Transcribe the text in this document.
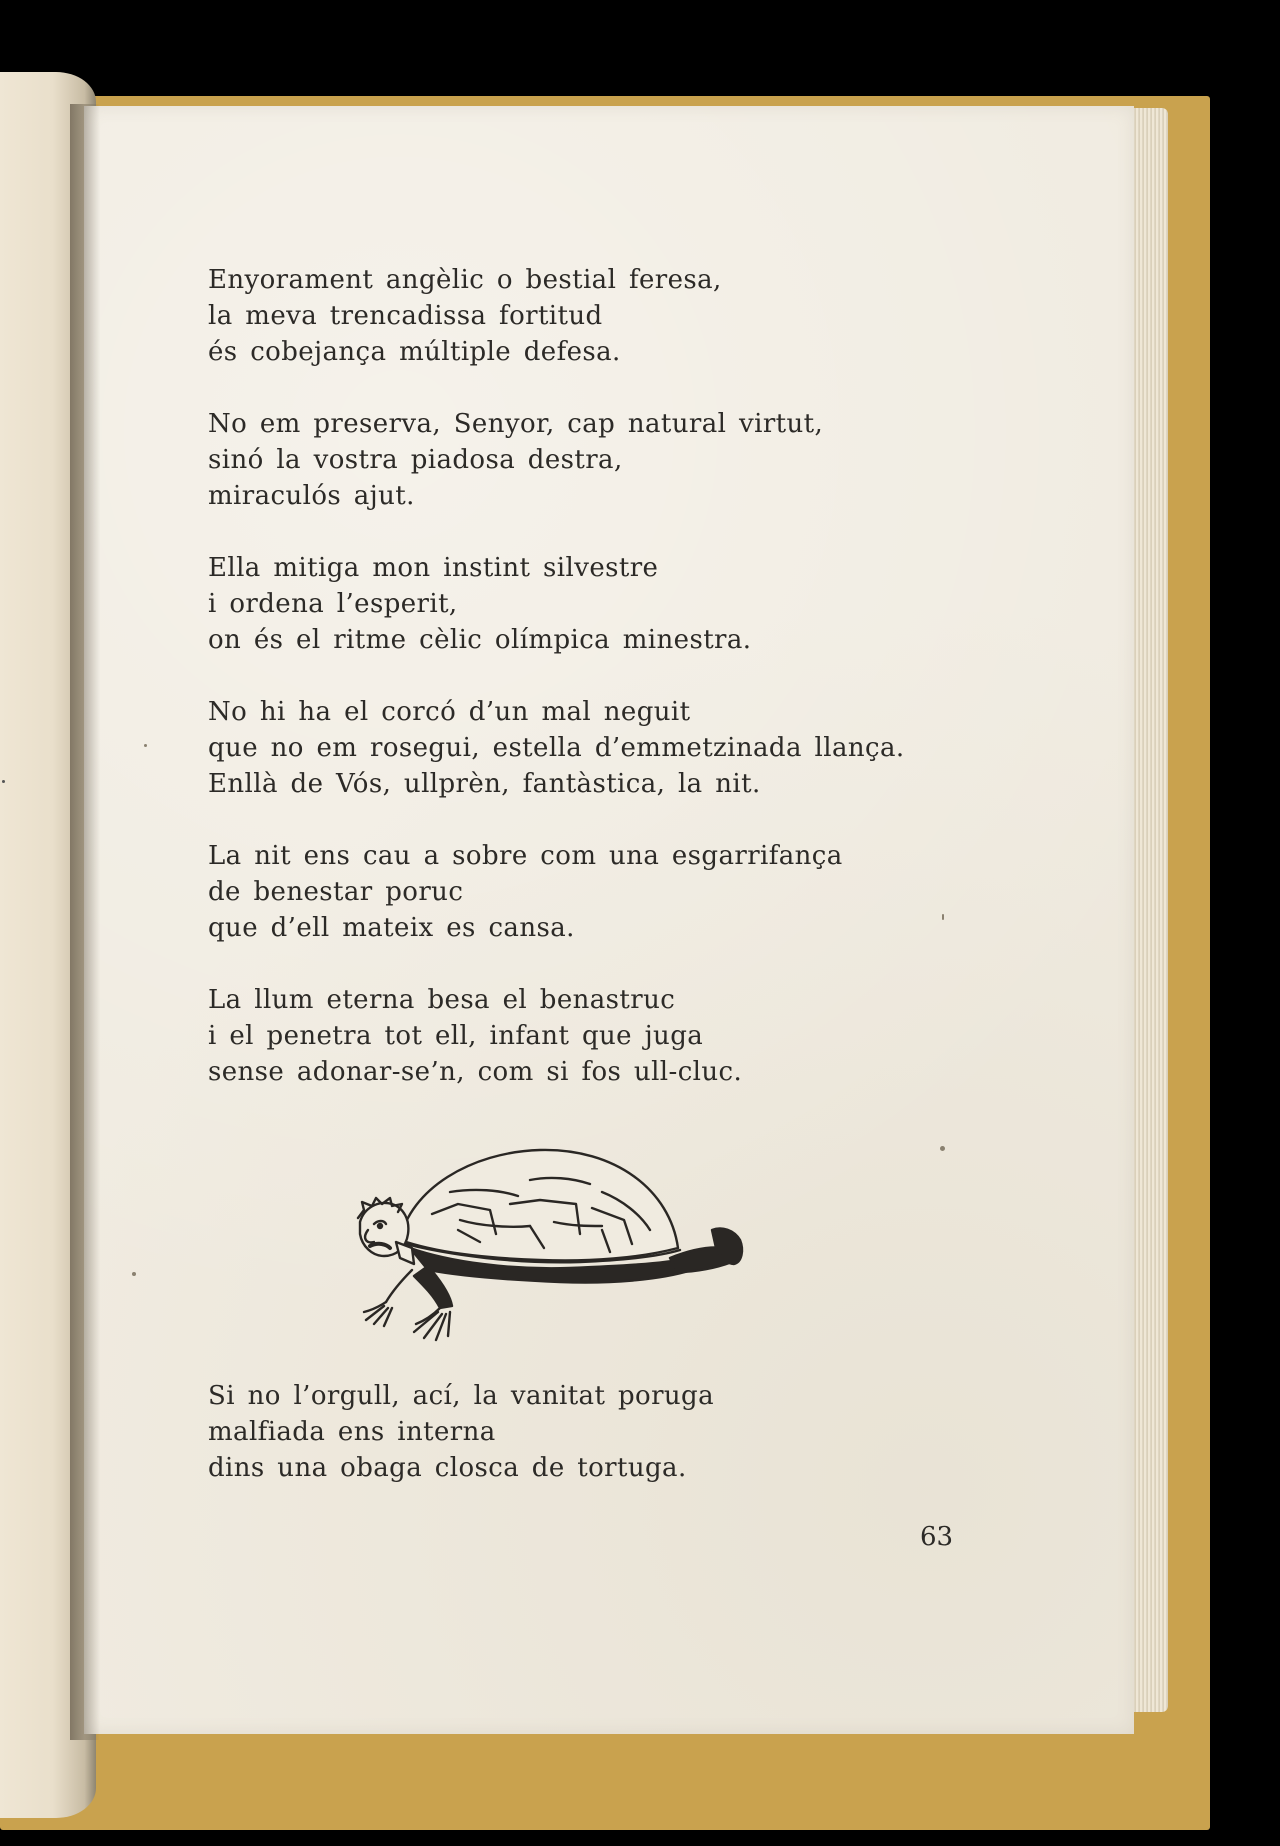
Enyorament angèlic o bestial feresa,
la meva trencadissa fortitud
és cobejança múltiple defesa.
No em preserva, Senyor, cap natural virtut,
sinó la vostra piadosa destra,
miraculós ajut.
Ella mitiga mon instint silvestre
i ordena l’esperit,
on és el ritme cèlic olímpica minestra.
No hi ha el corcó d’un mal neguit
que no em rosegui, estella d’emmetzinada llança.
Enllà de Vós, ullprèn, fantàstica, la nit.
La nit ens cau a sobre com una esgarrifança
de benestar poruc
que d’ell mateix es cansa.
La llum eterna besa el benastruc
i el penetra tot ell, infant que juga
sense adonar-se’n, com si fos ull-cluc.
Si no l’orgull, ací, la vanitat poruga
malfiada ens interna
dins una obaga closca de tortuga.
63
